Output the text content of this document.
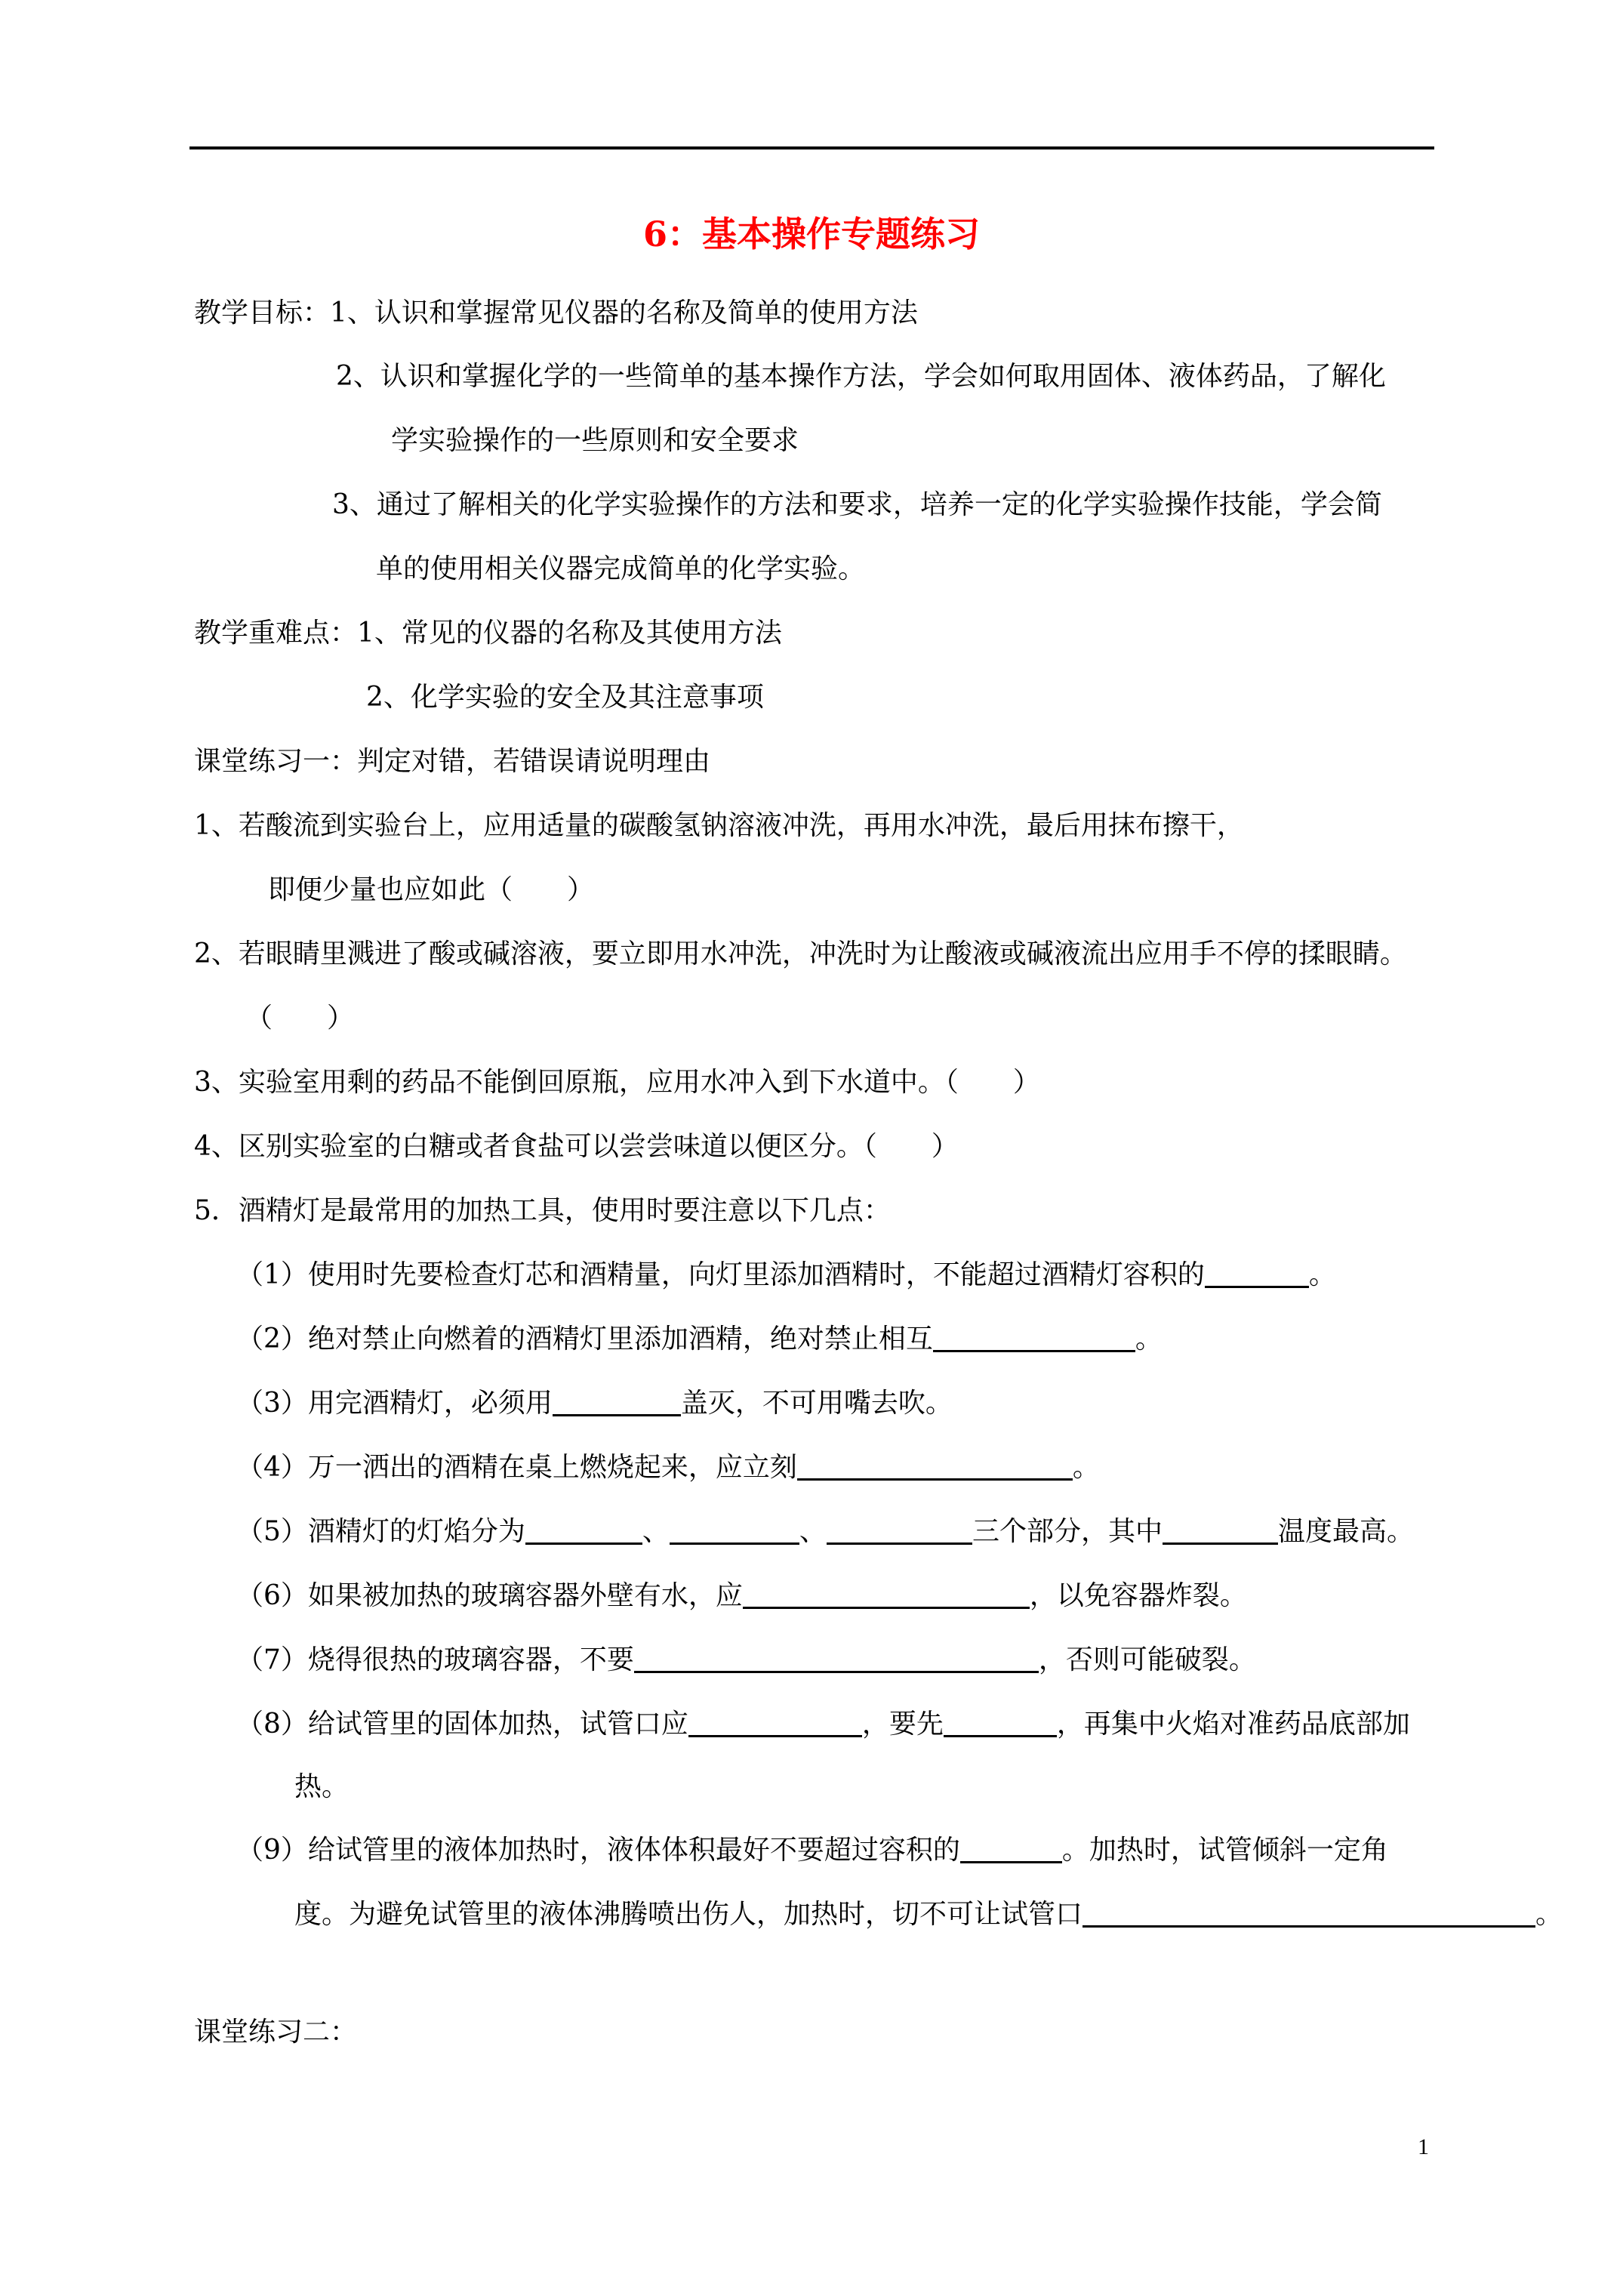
6：基本操作专题练习
教学目标：1、认识和掌握常见仪器的名称及简单的使用方法
2、认识和掌握化学的一些简单的基本操作方法，学会如何取用固体、液体药品，了解化
学实验操作的一些原则和安全要求
3、通过了解相关的化学实验操作的方法和要求，培养一定的化学实验操作技能，学会简
单的使用相关仪器完成简单的化学实验。
教学重难点：1、常见的仪器的名称及其使用方法
2、化学实验的安全及其注意事项
课堂练习一：判定对错，若错误请说明理由
1、若酸流到实验台上，应用适量的碳酸氢钠溶液冲洗，再用水冲洗，最后用抹布擦干，
即便少量也应如此（　　）
2、若眼睛里溅进了酸或碱溶液，要立即用水冲洗，冲洗时为让酸液或碱液流出应用手不停的揉眼睛。
（　　）
3、实验室用剩的药品不能倒回原瓶，应用水冲入到下水道中。（　　）
4、区别实验室的白糖或者食盐可以尝尝味道以便区分。（　　）
5．酒精灯是最常用的加热工具，使用时要注意以下几点：
（1）使用时先要检查灯芯和酒精量，向灯里添加酒精时，不能超过酒精灯容积的	。
（2）绝对禁止向燃着的酒精灯里添加酒精，绝对禁止相互	。
（3）用完酒精灯，必须用	盖灭，不可用嘴去吹。
（4）万一洒出的酒精在桌上燃烧起来，应立刻	。
（5）酒精灯的灯焰分为	、	、	三个部分，其中	温度最高。
（6）如果被加热的玻璃容器外壁有水，应	，以免容器炸裂。
（7）烧得很热的玻璃容器，不要	，否则可能破裂。
（8）给试管里的固体加热，试管口应	，要先	，再集中火焰对准药品底部加
热。
（9）给试管里的液体加热时，液体体积最好不要超过容积的	。加热时，试管倾斜一定角
度。为避免试管里的液体沸腾喷出伤人，加热时，切不可让试管口	。
课堂练习二：
1
